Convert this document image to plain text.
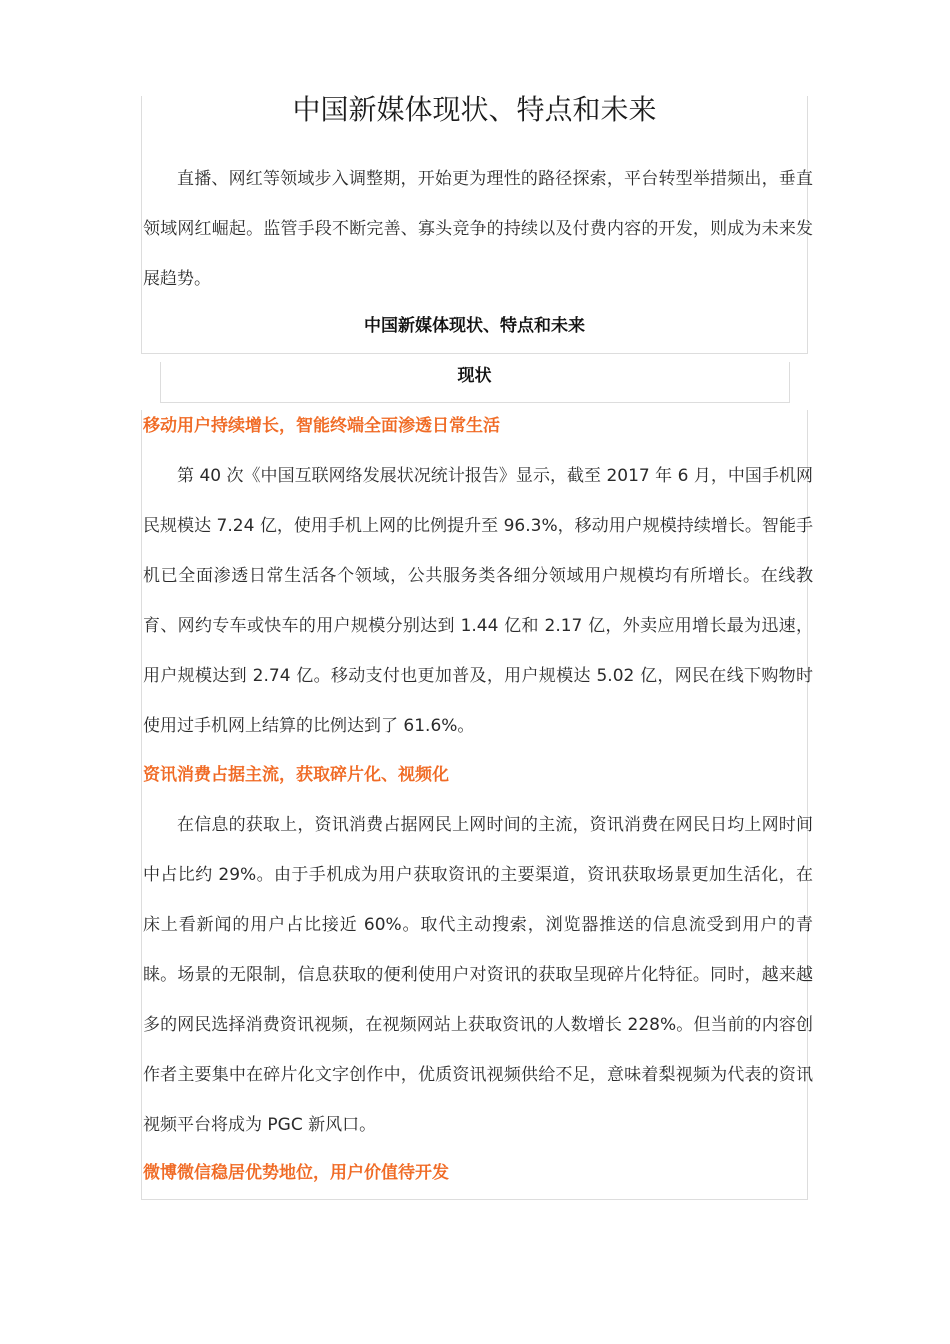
中国新媒体现状、特点和未来

直播、网红等领域步入调整期，开始更为理性的路径探索，平台转型举措频出，垂直领域网红崛起。监管手段不断完善、寡头竞争的持续以及付费内容的开发，则成为未来发展趋势。

中国新媒体现状、特点和未来
现状
移动用户持续增长，智能终端全面渗透日常生活

第 40 次《中国互联网络发展状况统计报告》显示，截至 2017 年 6 月，中国手机网民规模达 7.24 亿，使用手机上网的比例提升至 96.3%，移动用户规模持续增长。智能手机已全面渗透日常生活各个领域，公共服务类各细分领域用户规模均有所增长。在线教育、网约专车或快车的用户规模分别达到 1.44 亿和 2.17 亿，外卖应用增长最为迅速，用户规模达到 2.74 亿。移动支付也更加普及，用户规模达 5.02 亿，网民在线下购物时使用过手机网上结算的比例达到了 61.6%。

资讯消费占据主流，获取碎片化、视频化

在信息的获取上，资讯消费占据网民上网时间的主流，资讯消费在网民日均上网时间中占比约 29%。由于手机成为用户获取资讯的主要渠道，资讯获取场景更加生活化，在床上看新闻的用户占比接近 60%。取代主动搜索，浏览器推送的信息流受到用户的青睐。场景的无限制，信息获取的便利使用户对资讯的获取呈现碎片化特征。同时，越来越多的网民选择消费资讯视频，在视频网站上获取资讯的人数增长 228%。但当前的内容创作者主要集中在碎片化文字创作中，优质资讯视频供给不足，意味着梨视频为代表的资讯视频平台将成为 PGC 新风口。

微博微信稳居优势地位，用户价值待开发
